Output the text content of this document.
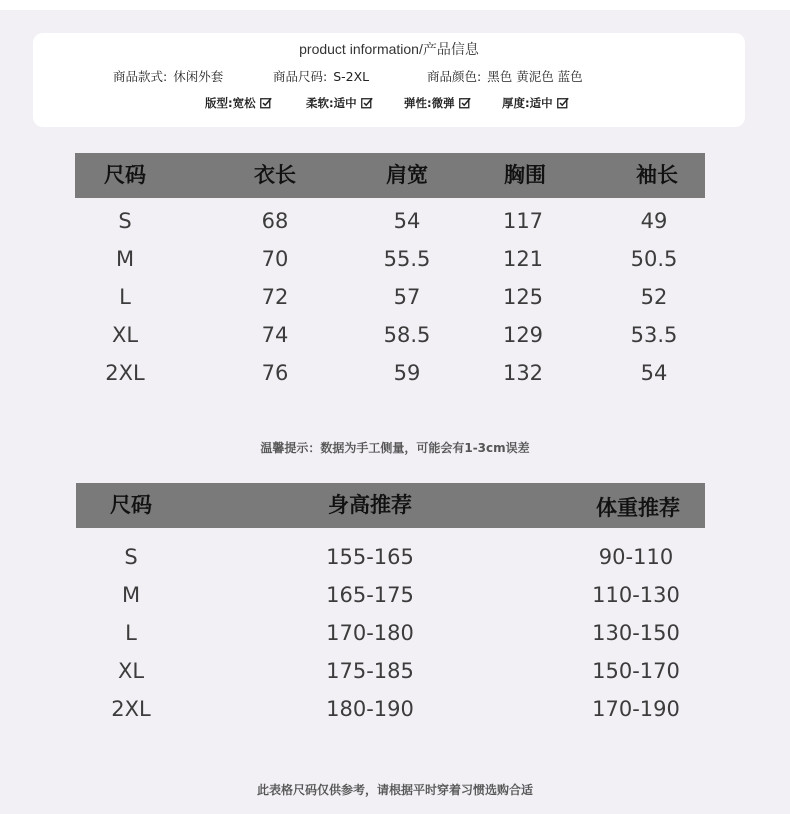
product information/产品信息
商品款式: 休闲外套	商品尺码: S-2XL	商品颜色: 黑色 黄泥色 蓝色
版型: 宽松	柔软: 适中	弹性: 微弹	厚度: 适中
尺码	衣长	肩宽	胸围	袖长
S	68	54	117	49
M	70	55.5	121	50.5
L	72	57	125	52
XL	74	58.5	129	53.5
2XL	76	59	132	54
温馨提示：数据为手工侧量，可能会有1-3cm误差
尺码	身高推荐	体重推荐
S	155-165	90-110
M	165-175	110-130
L	170-180	130-150
XL	175-185	150-170
2XL	180-190	170-190
此表格尺码仅供参考，请根据平时穿着习惯选购合适
